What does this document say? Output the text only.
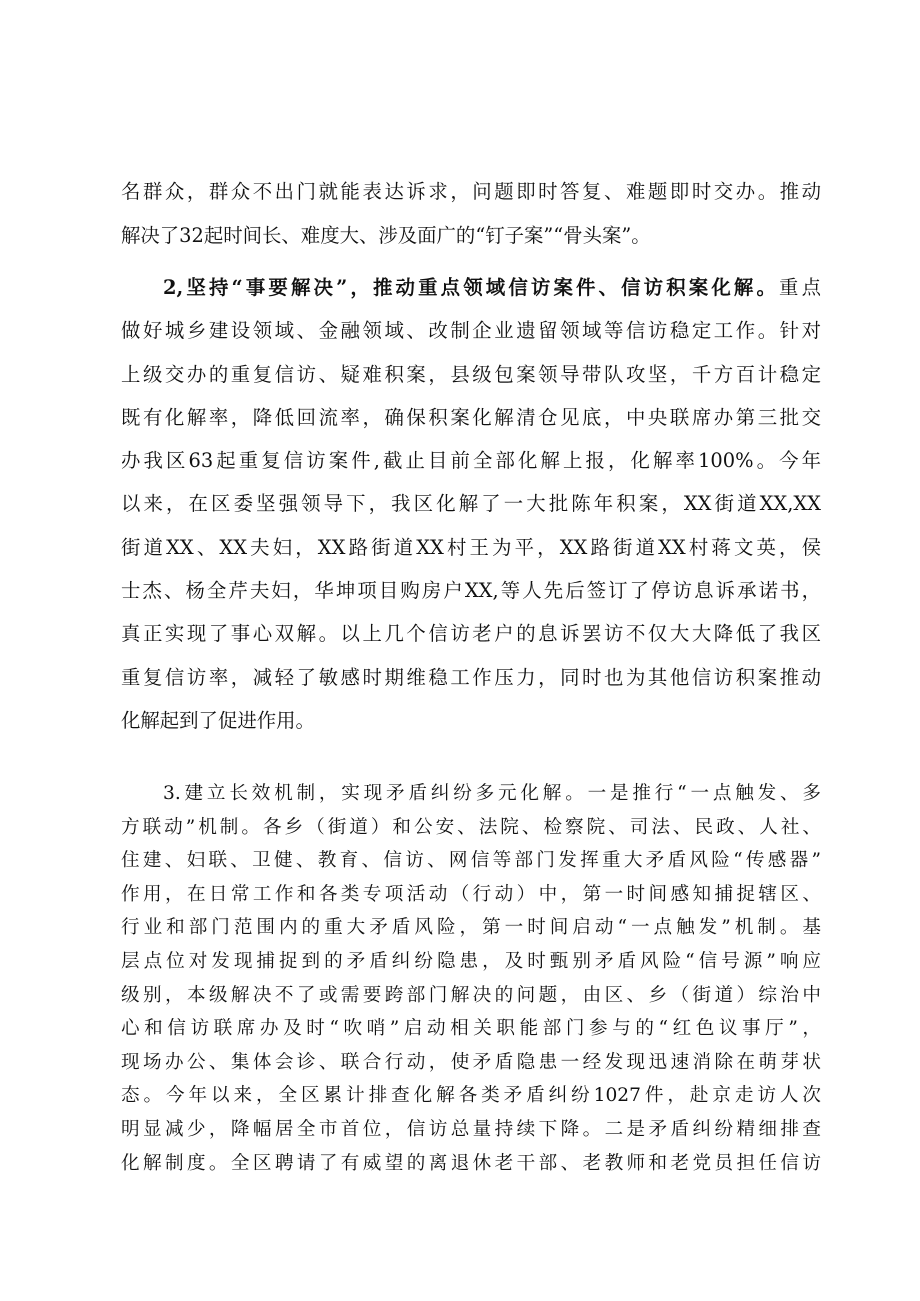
名群众，群众不出门就能表达诉求，问题即时答复、难题即时交办。推动
解决了32起时间长、难度大、涉及面广的“钉子案”“骨头案”。
2,坚持“事要解决”，推动重点领域信访案件、信访积案化解。重点
做好城乡建设领域、金融领域、改制企业遗留领域等信访稳定工作。针对
上级交办的重复信访、疑难积案，县级包案领导带队攻坚，千方百计稳定
既有化解率，降低回流率，确保积案化解清仓见底，中央联席办第三批交
办我区63起重复信访案件,截止目前全部化解上报，化解率100%。今年
以来，在区委坚强领导下，我区化解了一大批陈年积案，XX街道XX,XX
街道XX、XX夫妇，XX路街道XX村王为平，XX路街道XX村蒋文英，侯
士杰、杨全芹夫妇，华坤项目购房户XX,等人先后签订了停访息诉承诺书，
真正实现了事心双解。以上几个信访老户的息诉罢访不仅大大降低了我区
重复信访率，减轻了敏感时期维稳工作压力，同时也为其他信访积案推动
化解起到了促进作用。
3.建立长效机制，实现矛盾纠纷多元化解。一是推行“一点触发、多
方联动”机制。各乡（街道）和公安、法院、检察院、司法、民政、人社、
住建、妇联、卫健、教育、信访、网信等部门发挥重大矛盾风险“传感器”
作用，在日常工作和各类专项活动（行动）中，第一时间感知捕捉辖区、
行业和部门范围内的重大矛盾风险，第一时间启动“一点触发”机制。基
层点位对发现捕捉到的矛盾纠纷隐患，及时甄别矛盾风险“信号源”响应
级别，本级解决不了或需要跨部门解决的问题，由区、乡（街道）综治中
心和信访联席办及时“吹哨”启动相关职能部门参与的“红色议事厅”，
现场办公、集体会诊、联合行动，使矛盾隐患一经发现迅速消除在萌芽状
态。今年以来，全区累计排查化解各类矛盾纠纷1027件，赴京走访人次
明显减少，降幅居全市首位，信访总量持续下降。二是矛盾纠纷精细排查
化解制度。全区聘请了有威望的离退休老干部、老教师和老党员担任信访
